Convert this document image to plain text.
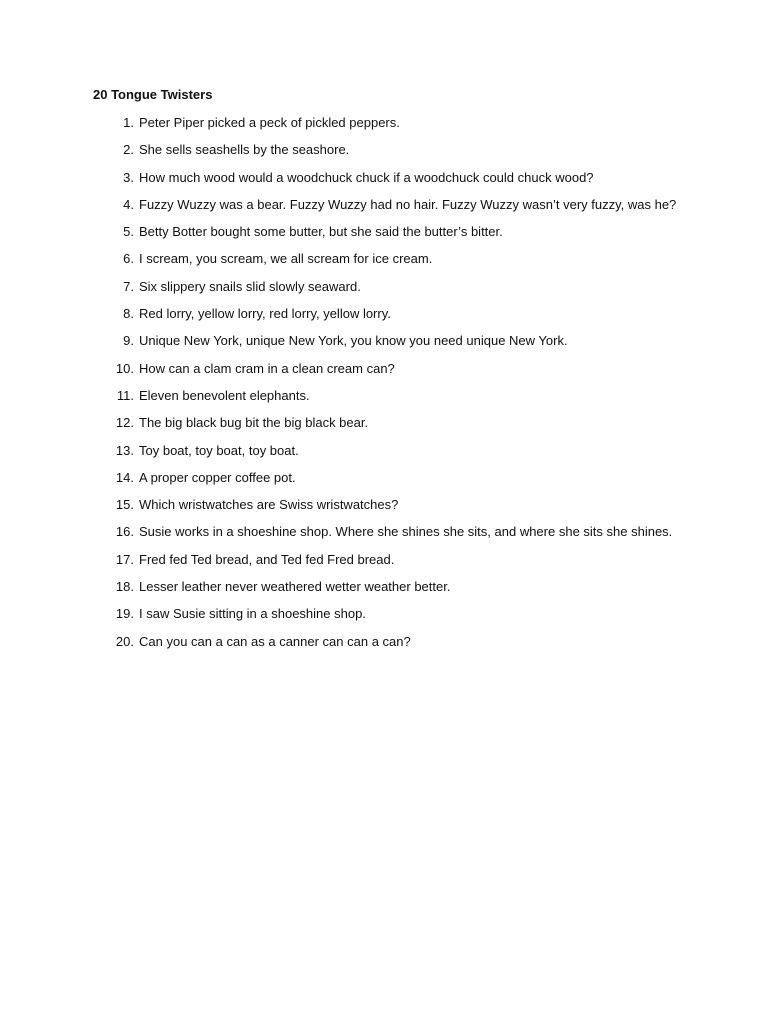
20 Tongue Twisters
1. Peter Piper picked a peck of pickled peppers.
2. She sells seashells by the seashore.
3. How much wood would a woodchuck chuck if a woodchuck could chuck wood?
4. Fuzzy Wuzzy was a bear. Fuzzy Wuzzy had no hair. Fuzzy Wuzzy wasn’t very fuzzy, was he?
5. Betty Botter bought some butter, but she said the butter’s bitter.
6. I scream, you scream, we all scream for ice cream.
7. Six slippery snails slid slowly seaward.
8. Red lorry, yellow lorry, red lorry, yellow lorry.
9. Unique New York, unique New York, you know you need unique New York.
10. How can a clam cram in a clean cream can?
11. Eleven benevolent elephants.
12. The big black bug bit the big black bear.
13. Toy boat, toy boat, toy boat.
14. A proper copper coffee pot.
15. Which wristwatches are Swiss wristwatches?
16. Susie works in a shoeshine shop. Where she shines she sits, and where she sits she shines.
17. Fred fed Ted bread, and Ted fed Fred bread.
18. Lesser leather never weathered wetter weather better.
19. I saw Susie sitting in a shoeshine shop.
20. Can you can a can as a canner can can a can?
